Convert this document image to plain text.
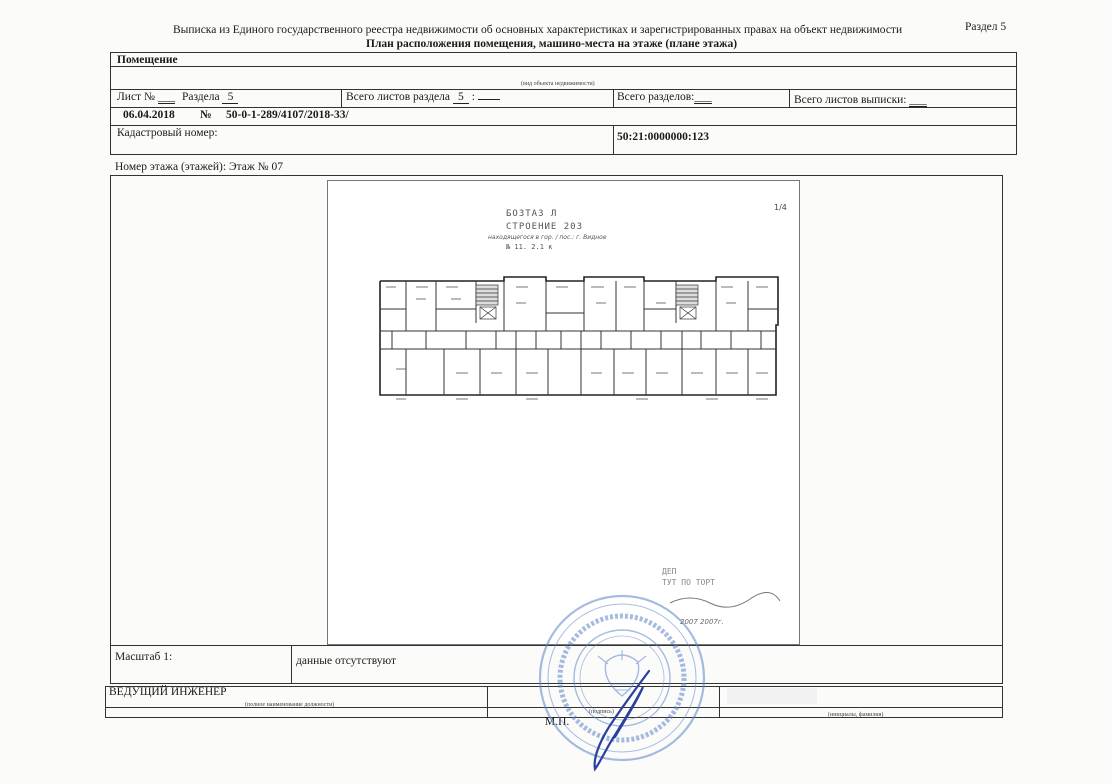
Выписка из Единого государственного реестра недвижимости об основных характеристиках и зарегистрированных правах на объект недвижимости	Раздел 5
План расположения помещения, машино-места на этаже (плане этажа)
Помещение
(вид объекта недвижимости)
Лист № ___ Раздела 5	Всего листов раздела 5 :	Всего разделов:___	Всего листов выписки: ___
06.04.2018 № 50-0-1-289/4107/2018-33/
Кадастровый номер:	50:21:0000000:123
Номер этажа (этажей): Этаж № 07
БОЗТАЗ Л
СТРОЕНИЕ 203
находящегося в гор. / пос.: г. Видное
№ 11. 2.1 к
1/4
ДЕП
ТУТ ПО ТОРТ
2007 2007г.
Масштаб 1:	данные отсутствуют
ВЕДУЩИЙ ИНЖЕНЕР
(полное наименование должности)
(подпись)	(инициалы, фамилия)
М.П.
